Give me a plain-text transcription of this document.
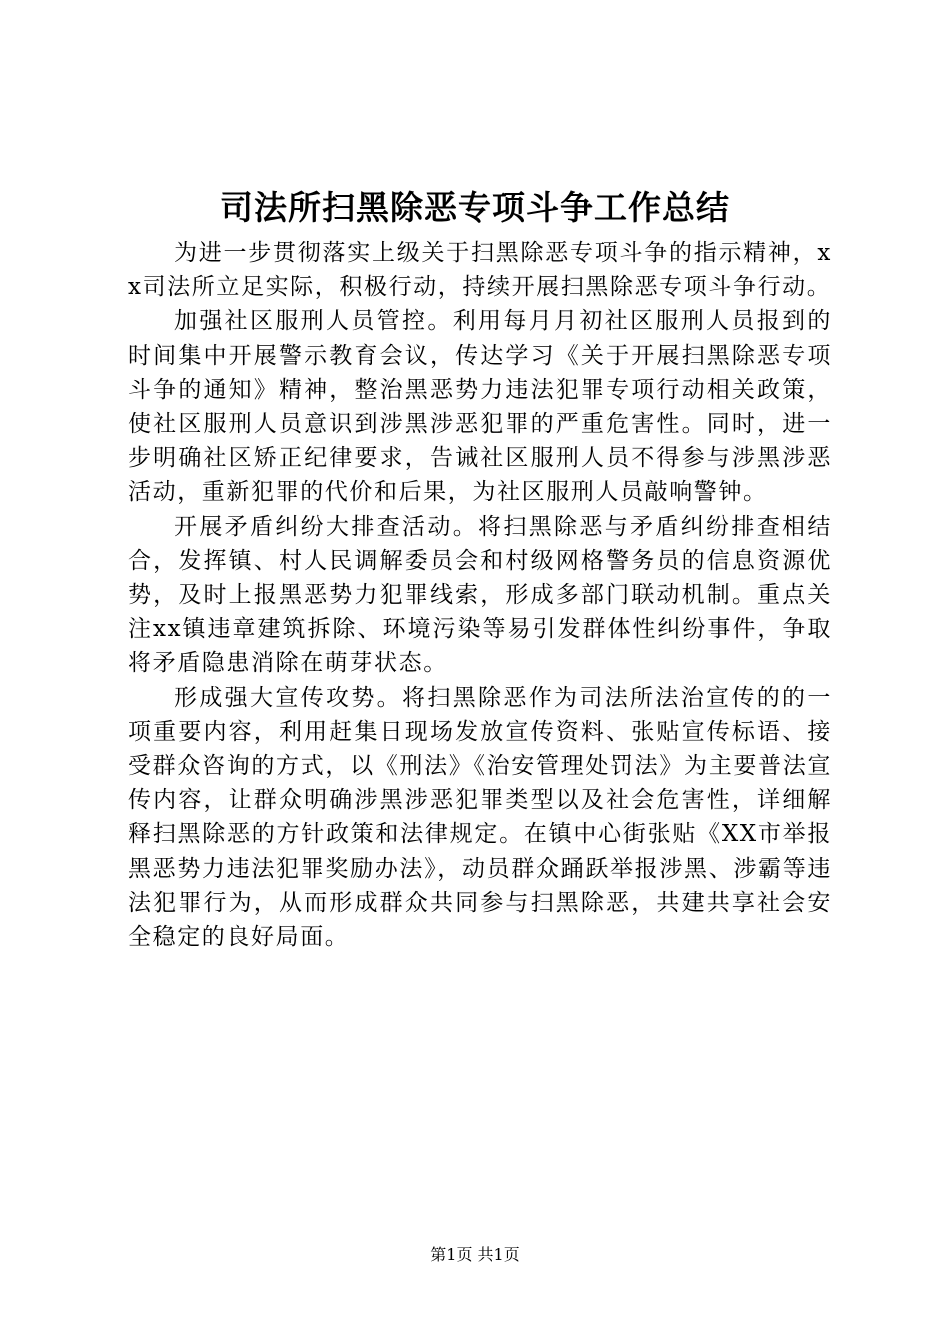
司法所扫黑除恶专项斗争工作总结

为进一步贯彻落实上级关于扫黑除恶专项斗争的指示精神，xx司法所立足实际，积极行动，持续开展扫黑除恶专项斗争行动。

加强社区服刑人员管控。利用每月月初社区服刑人员报到的时间集中开展警示教育会议，传达学习《关于开展扫黑除恶专项斗争的通知》精神，整治黑恶势力违法犯罪专项行动相关政策，使社区服刑人员意识到涉黑涉恶犯罪的严重危害性。同时，进一步明确社区矫正纪律要求，告诫社区服刑人员不得参与涉黑涉恶活动，重新犯罪的代价和后果，为社区服刑人员敲响警钟。

开展矛盾纠纷大排查活动。将扫黑除恶与矛盾纠纷排查相结合，发挥镇、村人民调解委员会和村级网格警务员的信息资源优势，及时上报黑恶势力犯罪线索，形成多部门联动机制。重点关注xx镇违章建筑拆除、环境污染等易引发群体性纠纷事件，争取将矛盾隐患消除在萌芽状态。

形成强大宣传攻势。将扫黑除恶作为司法所法治宣传的的一项重要内容，利用赶集日现场发放宣传资料、张贴宣传标语、接受群众咨询的方式，以《刑法》《治安管理处罚法》为主要普法宣传内容，让群众明确涉黑涉恶犯罪类型以及社会危害性，详细解释扫黑除恶的方针政策和法律规定。在镇中心街张贴《XX市举报黑恶势力违法犯罪奖励办法》，动员群众踊跃举报涉黑、涉霸等违法犯罪行为，从而形成群众共同参与扫黑除恶，共建共享社会安全稳定的良好局面。

第1页 共1页
